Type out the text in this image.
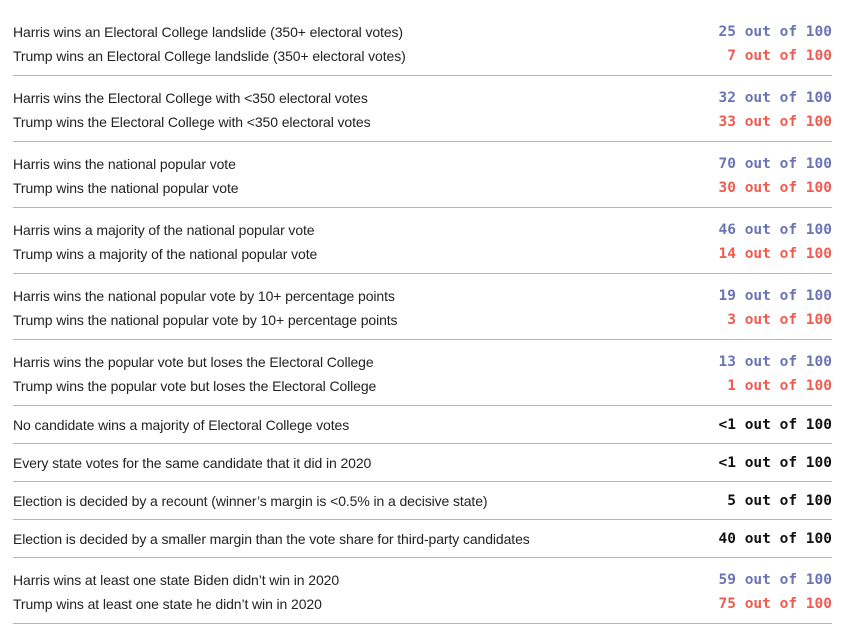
Harris wins an Electoral College landslide (350+ electoral votes)	25 out of 100
Trump wins an Electoral College landslide (350+ electoral votes)	7 out of 100
Harris wins the Electoral College with <350 electoral votes	32 out of 100
Trump wins the Electoral College with <350 electoral votes	33 out of 100
Harris wins the national popular vote	70 out of 100
Trump wins the national popular vote	30 out of 100
Harris wins a majority of the national popular vote	46 out of 100
Trump wins a majority of the national popular vote	14 out of 100
Harris wins the national popular vote by 10+ percentage points	19 out of 100
Trump wins the national popular vote by 10+ percentage points	3 out of 100
Harris wins the popular vote but loses the Electoral College	13 out of 100
Trump wins the popular vote but loses the Electoral College	1 out of 100
No candidate wins a majority of Electoral College votes	<1 out of 100
Every state votes for the same candidate that it did in 2020	<1 out of 100
Election is decided by a recount (winner’s margin is <0.5% in a decisive state)	5 out of 100
Election is decided by a smaller margin than the vote share for third-party candidates	40 out of 100
Harris wins at least one state Biden didn’t win in 2020	59 out of 100
Trump wins at least one state he didn’t win in 2020	75 out of 100
